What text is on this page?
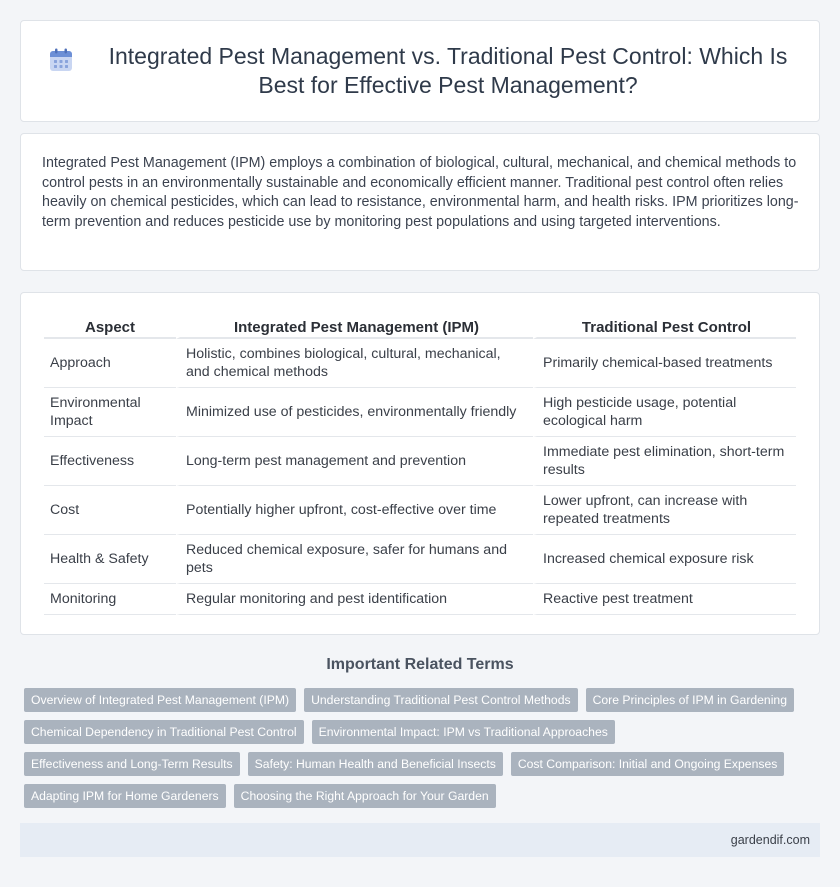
Integrated Pest Management vs. Traditional Pest Control: Which Is Best for Effective Pest Management?

Integrated Pest Management (IPM) employs a combination of biological, cultural, mechanical, and chemical methods to control pests in an environmentally sustainable and economically efficient manner. Traditional pest control often relies heavily on chemical pesticides, which can lead to resistance, environmental harm, and health risks. IPM prioritizes long-term prevention and reduces pesticide use by monitoring pest populations and using targeted interventions.

Aspect	Integrated Pest Management (IPM)	Traditional Pest Control
Approach	Holistic, combines biological, cultural, mechanical, and chemical methods	Primarily chemical-based treatments
Environmental Impact	Minimized use of pesticides, environmentally friendly	High pesticide usage, potential ecological harm
Effectiveness	Long-term pest management and prevention	Immediate pest elimination, short-term results
Cost	Potentially higher upfront, cost-effective over time	Lower upfront, can increase with repeated treatments
Health & Safety	Reduced chemical exposure, safer for humans and pets	Increased chemical exposure risk
Monitoring	Regular monitoring and pest identification	Reactive pest treatment
Important Related Terms
Overview of Integrated Pest Management (IPM)	Understanding Traditional Pest Control Methods	Core Principles of IPM in Gardening
Chemical Dependency in Traditional Pest Control	Environmental Impact: IPM vs Traditional Approaches
Effectiveness and Long-Term Results	Safety: Human Health and Beneficial Insects	Cost Comparison: Initial and Ongoing Expenses
Adapting IPM for Home Gardeners	Choosing the Right Approach for Your Garden
gardendif.com
